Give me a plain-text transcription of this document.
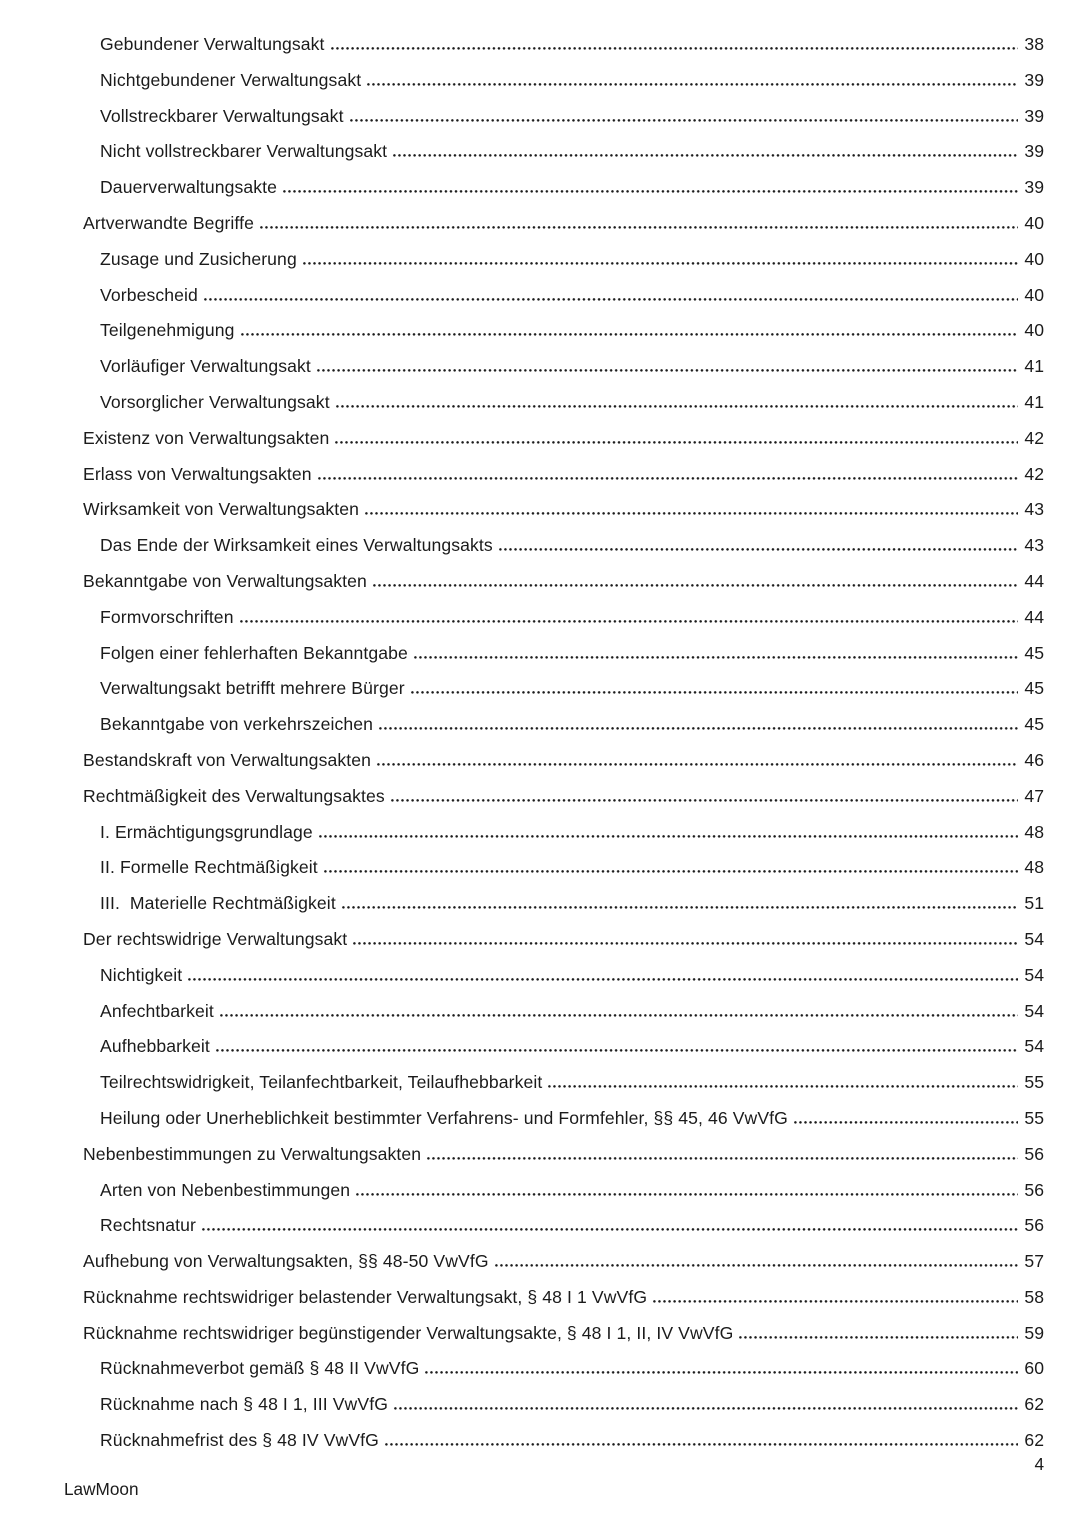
Gebundener Verwaltungsakt	38
Nichtgebundener Verwaltungsakt	39
Vollstreckbarer Verwaltungsakt	39
Nicht vollstreckbarer Verwaltungsakt	39
Dauerverwaltungsakte	39
Artverwandte Begriffe	40
Zusage und Zusicherung	40
Vorbescheid	40
Teilgenehmigung	40
Vorläufiger Verwaltungsakt	41
Vorsorglicher Verwaltungsakt	41
Existenz von Verwaltungsakten	42
Erlass von Verwaltungsakten	42
Wirksamkeit von Verwaltungsakten	43
Das Ende der Wirksamkeit eines Verwaltungsakts	43
Bekanntgabe von Verwaltungsakten	44
Formvorschriften	44
Folgen einer fehlerhaften Bekanntgabe	45
Verwaltungsakt betrifft mehrere Bürger	45
Bekanntgabe von verkehrszeichen	45
Bestandskraft von Verwaltungsakten	46
Rechtmäßigkeit des Verwaltungsaktes	47
I. Ermächtigungsgrundlage	48
II. Formelle Rechtmäßigkeit	48
III.  Materielle Rechtmäßigkeit	51
Der rechtswidrige Verwaltungsakt	54
Nichtigkeit	54
Anfechtbarkeit	54
Aufhebbarkeit	54
Teilrechtswidrigkeit, Teilanfechtbarkeit, Teilaufhebbarkeit	55
Heilung oder Unerheblichkeit bestimmter Verfahrens- und Formfehler, §§ 45, 46 VwVfG	55
Nebenbestimmungen zu Verwaltungsakten	56
Arten von Nebenbestimmungen	56
Rechtsnatur	56
Aufhebung von Verwaltungsakten, §§ 48-50 VwVfG	57
Rücknahme rechtswidriger belastender Verwaltungsakt, § 48 I 1 VwVfG	58
Rücknahme rechtswidriger begünstigender Verwaltungsakte, § 48 I 1, II, IV VwVfG	59
Rücknahmeverbot gemäß § 48 II VwVfG	60
Rücknahme nach § 48 I 1, III VwVfG	62
Rücknahmefrist des § 48 IV VwVfG	62
4
LawMoon
